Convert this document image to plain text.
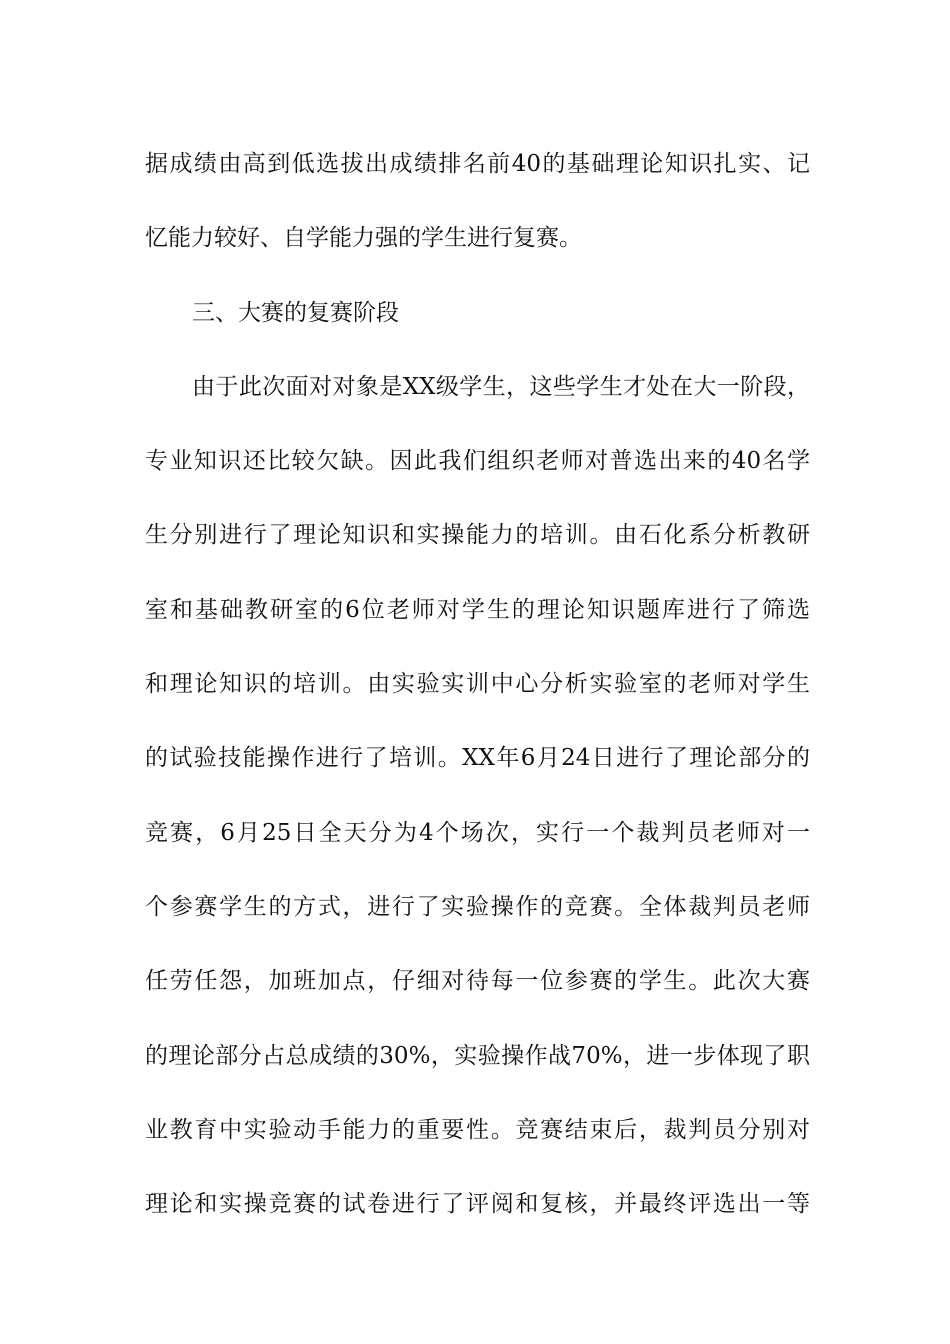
据成绩由高到低选拔出成绩排名前40的基础理论知识扎实、记
忆能力较好、自学能力强的学生进行复赛。
三、大赛的复赛阶段
由于此次面对对象是XX级学生，这些学生才处在大一阶段，
专业知识还比较欠缺。因此我们组织老师对普选出来的40名学
生分别进行了理论知识和实操能力的培训。由石化系分析教研
室和基础教研室的6位老师对学生的理论知识题库进行了筛选
和理论知识的培训。由实验实训中心分析实验室的老师对学生
的试验技能操作进行了培训。XX年6月24日进行了理论部分的
竞赛，6月25日全天分为4个场次，实行一个裁判员老师对一
个参赛学生的方式，进行了实验操作的竞赛。全体裁判员老师
任劳任怨，加班加点，仔细对待每一位参赛的学生。此次大赛
的理论部分占总成绩的30%，实验操作战70%，进一步体现了职
业教育中实验动手能力的重要性。竞赛结束后，裁判员分别对
理论和实操竞赛的试卷进行了评阅和复核，并最终评选出一等
